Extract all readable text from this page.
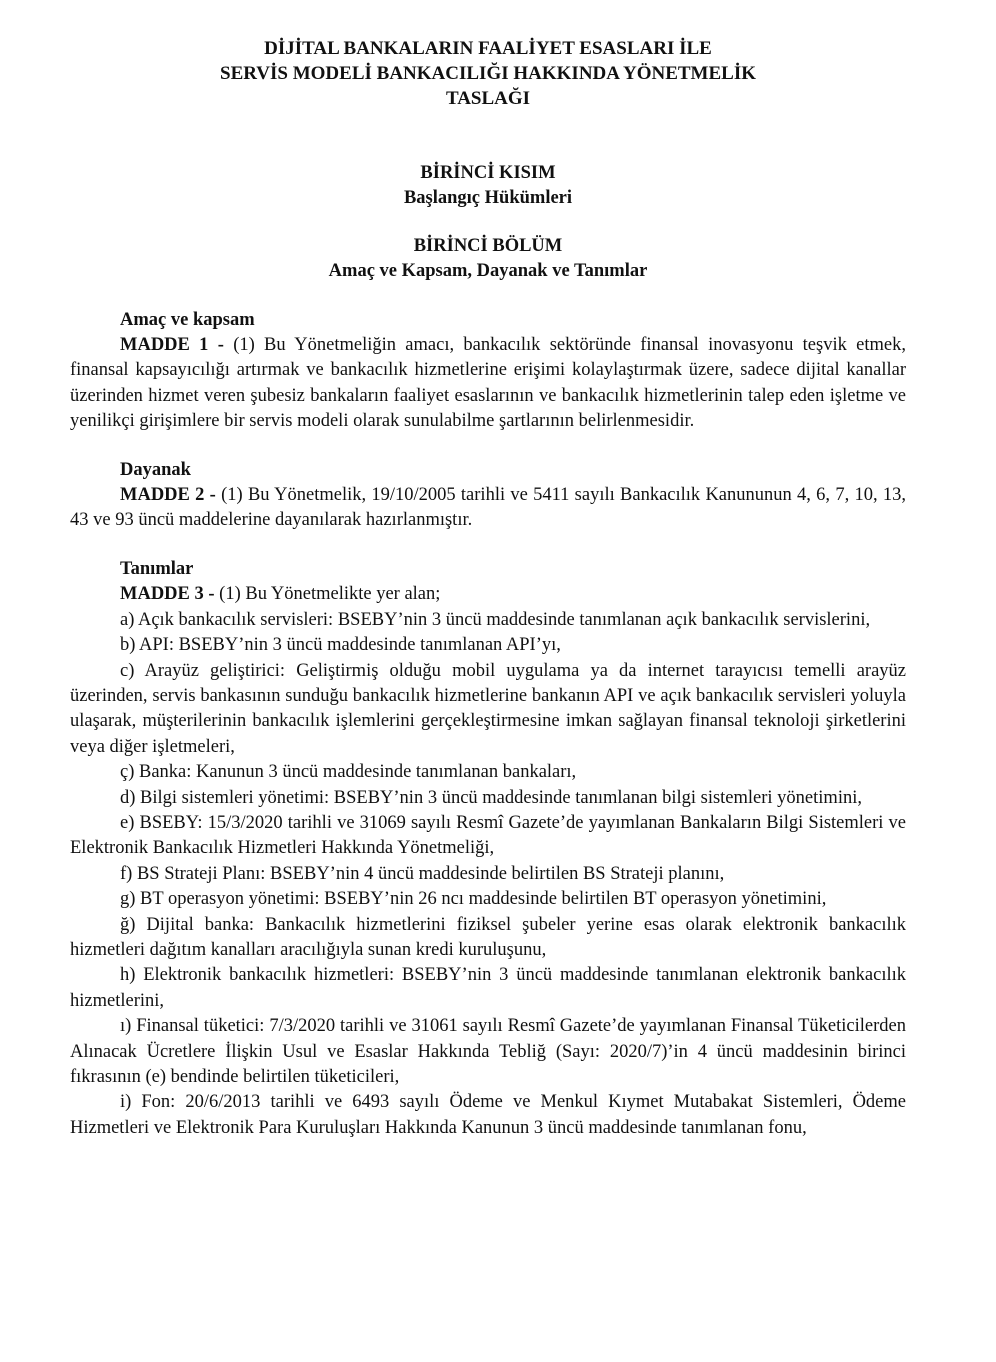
DİJİTAL BANKALARIN FAALİYET ESASLARI İLE
SERVİS MODELİ BANKACILIĞI HAKKINDA YÖNETMELİK
TASLAĞI
BİRİNCİ KISIM
Başlangıç Hükümleri
BİRİNCİ BÖLÜM
Amaç ve Kapsam, Dayanak ve Tanımlar
Amaç ve kapsam

MADDE 1 - (1) Bu Yönetmeliğin amacı, bankacılık sektöründe finansal inovasyonu teşvik etmek, finansal kapsayıcılığı artırmak ve bankacılık hizmetlerine erişimi kolaylaştırmak üzere, sadece dijital kanallar üzerinden hizmet veren şubesiz bankaların faaliyet esaslarının ve bankacılık hizmetlerinin talep eden işletme ve yenilikçi girişimlere bir servis modeli olarak sunulabilme şartlarının belirlenmesidir.

Dayanak

MADDE 2 - (1) Bu Yönetmelik, 19/10/2005 tarihli ve 5411 sayılı Bankacılık Kanununun 4, 6, 7, 10, 13, 43 ve 93 üncü maddelerine dayanılarak hazırlanmıştır.

Tanımlar

MADDE 3 - (1) Bu Yönetmelikte yer alan;

a) Açık bankacılık servisleri: BSEBY’nin 3 üncü maddesinde tanımlanan açık bankacılık servislerini,

b) API: BSEBY’nin 3 üncü maddesinde tanımlanan API’yı,

c) Arayüz geliştirici: Geliştirmiş olduğu mobil uygulama ya da internet tarayıcısı temelli arayüz üzerinden, servis bankasının sunduğu bankacılık hizmetlerine bankanın API ve açık bankacılık servisleri yoluyla ulaşarak, müşterilerinin bankacılık işlemlerini gerçekleştirmesine imkan sağlayan finansal teknoloji şirketlerini veya diğer işletmeleri,

ç) Banka: Kanunun 3 üncü maddesinde tanımlanan bankaları,

d) Bilgi sistemleri yönetimi: BSEBY’nin 3 üncü maddesinde tanımlanan bilgi sistemleri yönetimini,

e) BSEBY: 15/3/2020 tarihli ve 31069 sayılı Resmî Gazete’de yayımlanan Bankaların Bilgi Sistemleri ve Elektronik Bankacılık Hizmetleri Hakkında Yönetmeliği,

f) BS Strateji Planı: BSEBY’nin 4 üncü maddesinde belirtilen BS Strateji planını,

g) BT operasyon yönetimi: BSEBY’nin 26 ncı maddesinde belirtilen BT operasyon yönetimini,

ğ) Dijital banka: Bankacılık hizmetlerini fiziksel şubeler yerine esas olarak elektronik bankacılık hizmetleri dağıtım kanalları aracılığıyla sunan kredi kuruluşunu,

h) Elektronik bankacılık hizmetleri: BSEBY’nin 3 üncü maddesinde tanımlanan elektronik bankacılık hizmetlerini,

ı) Finansal tüketici: 7/3/2020 tarihli ve 31061 sayılı Resmî Gazete’de yayımlanan Finansal Tüketicilerden Alınacak Ücretlere İlişkin Usul ve Esaslar Hakkında Tebliğ (Sayı: 2020/7)’in 4 üncü maddesinin birinci fıkrasının (e) bendinde belirtilen tüketicileri,

i) Fon: 20/6/2013 tarihli ve 6493 sayılı Ödeme ve Menkul Kıymet Mutabakat Sistemleri, Ödeme Hizmetleri ve Elektronik Para Kuruluşları Hakkında Kanunun 3 üncü maddesinde tanımlanan fonu,
